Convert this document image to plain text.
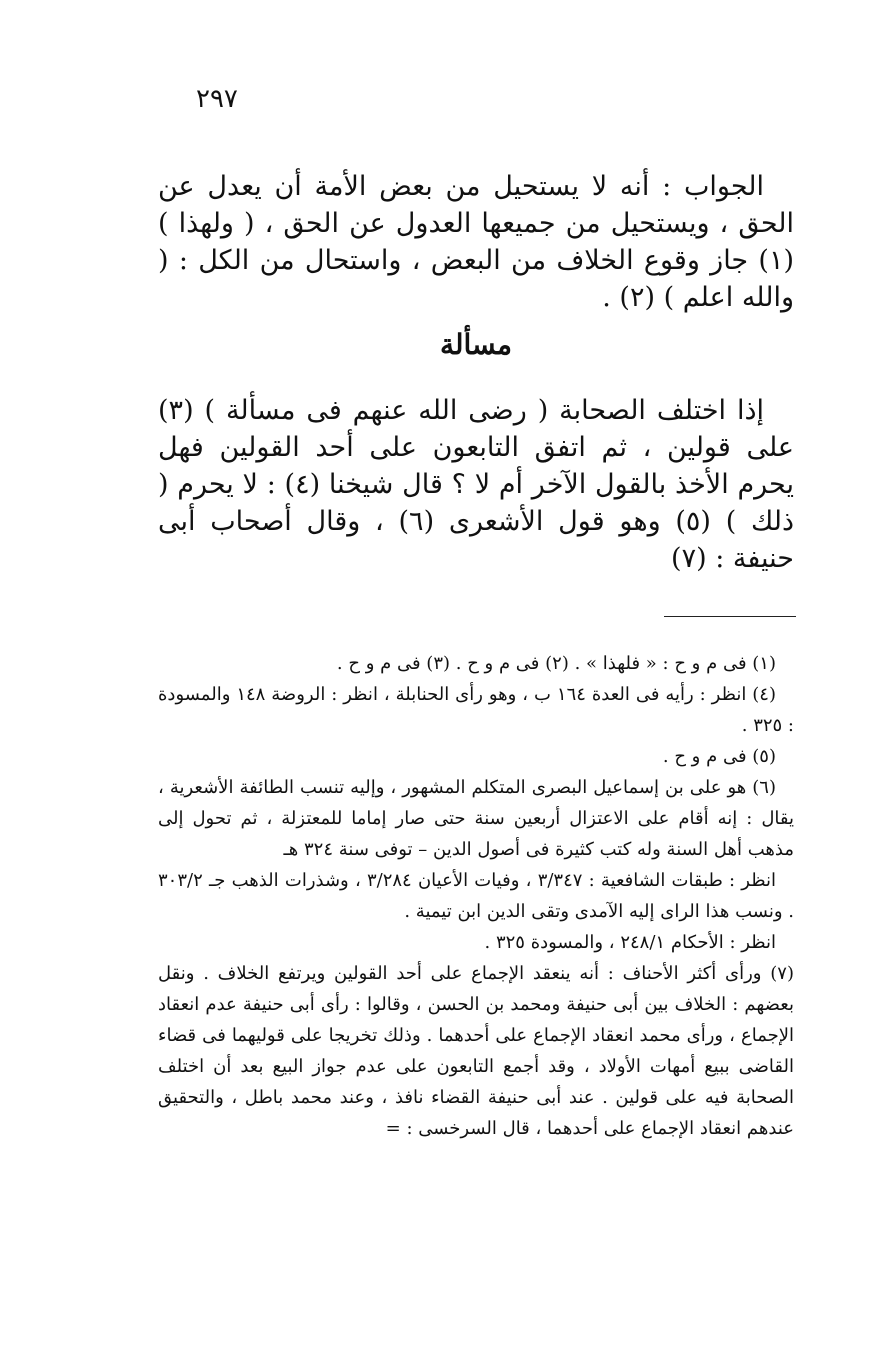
٢٩٧

الجواب : أنه لا يستحيل من بعض الأمة أن يعدل عن الحق ، ويستحيل من جميعها العدول عن الحق ، ( ولهذا ) (١) جاز وقوع الخلاف من البعض ، واستحال من الكل : ( والله اعلم ) (٢) .

مسألة

إذا اختلف الصحابة ( رضى الله عنهم فى مسألة ) (٣) على قولين ، ثم اتفق التابعون على أحد القولين فهل يحرم الأخذ بالقول الآخر أم لا ؟ قال شيخنا (٤) : لا يحرم ( ذلك ) (٥) وهو قول الأشعرى (٦) ، وقال أصحاب أبى حنيفة : (٧)

(١) فى م و ح : « فلهذا » . (٢) فى م و ح . (٣) فى م و ح .

(٤) انظر : رأيه فى العدة ١٦٤ ب ، وهو رأى الحنابلة ، انظر : الروضة ١٤٨ والمسودة : ٣٢٥ .

(٥) فى م و ح .

(٦) هو على بن إسماعيل البصرى المتكلم المشهور ، وإليه تنسب الطائفة الأشعرية ، يقال : إنه أقام على الاعتزال أربعين سنة حتى صار إماما للمعتزلة ، ثم تحول إلى مذهب أهل السنة وله كتب كثيرة فى أصول الدين – توفى سنة ٣٢٤ هـ

انظر : طبقات الشافعية : ٣/٣٤٧ ، وفيات الأعيان ٣/٢٨٤ ، وشذرات الذهب جـ ٣٠٣/٢ . ونسب هذا الراى إليه الآمدى وتقى الدين ابن تيمية .

انظر : الأحكام ٢٤٨/١ ، والمسودة ٣٢٥ .

(٧) ورأى أكثر الأحناف : أنه ينعقد الإجماع على أحد القولين ويرتفع الخلاف . ونقل بعضهم : الخلاف بين أبى حنيفة ومحمد بن الحسن ، وقالوا : رأى أبى حنيفة عدم انعقاد الإجماع ، ورأى محمد انعقاد الإجماع على أحدهما . وذلك تخريجا على قوليهما فى قضاء القاضى ببيع أمهات الأولاد ، وقد أجمع التابعون على عدم جواز البيع بعد أن اختلف الصحابة فيه على قولين . عند أبى حنيفة القضاء نافذ ، وعند محمد باطل ، والتحقيق عندهم انعقاد الإجماع على أحدهما ، قال السرخسى : =
